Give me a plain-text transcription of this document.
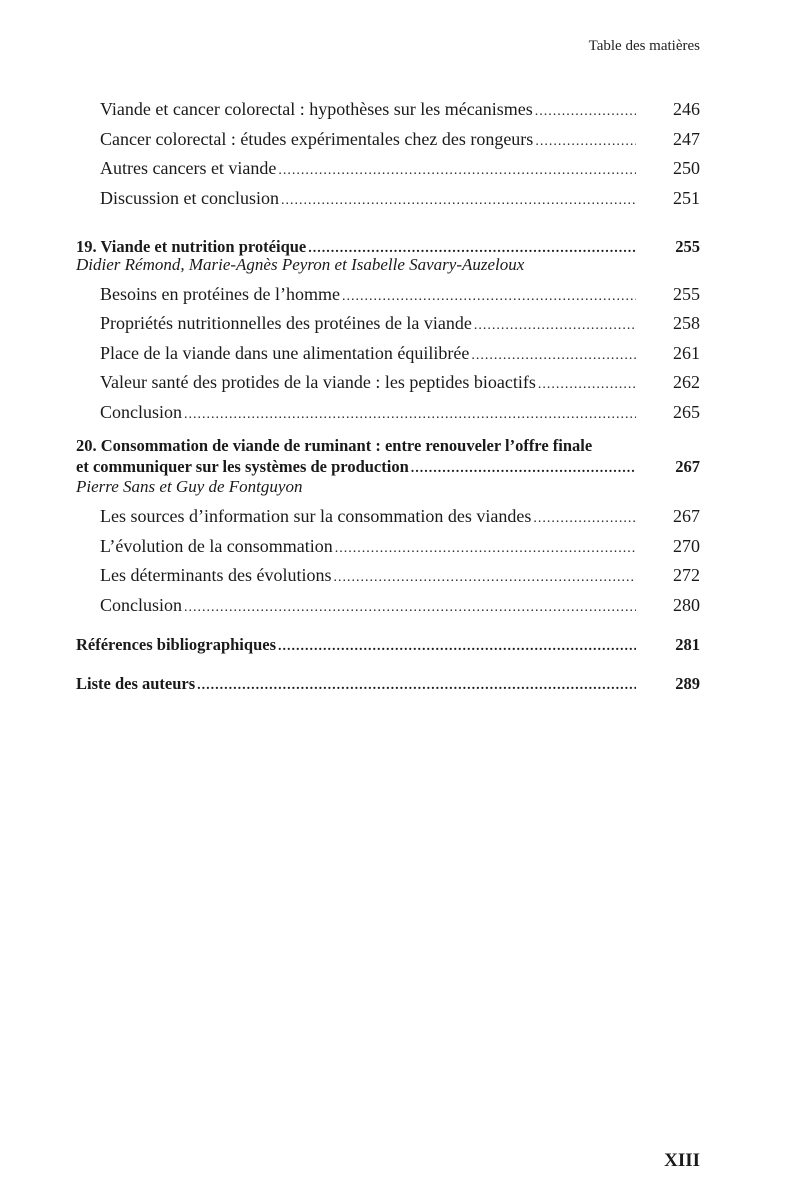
Table des matières
Viande et cancer colorectal : hypothèses sur les mécanismes .....	246
Cancer colorectal : études expérimentales chez des rongeurs .....	247
Autres cancers et viande .....	250
Discussion et conclusion .....	251
19. Viande et nutrition protéique .....	255
Didier Rémond, Marie-Agnès Peyron et Isabelle Savary-Auzeloux
Besoins en protéines de l’homme .....	255
Propriétés nutritionnelles des protéines de la viande .....	258
Place de la viande dans une alimentation équilibrée .....	261
Valeur santé des protides de la viande : les peptides bioactifs .....	262
Conclusion .....	265
20. Consommation de viande de ruminant : entre renouveler l’offre finale
et communiquer sur les systèmes de production .....	267
Pierre Sans et Guy de Fontguyon
Les sources d’information sur la consommation des viandes .....	267
L’évolution de la consommation .....	270
Les déterminants des évolutions .....	272
Conclusion .....	280
Références bibliographiques .....	281
Liste des auteurs .....	289
XIII
